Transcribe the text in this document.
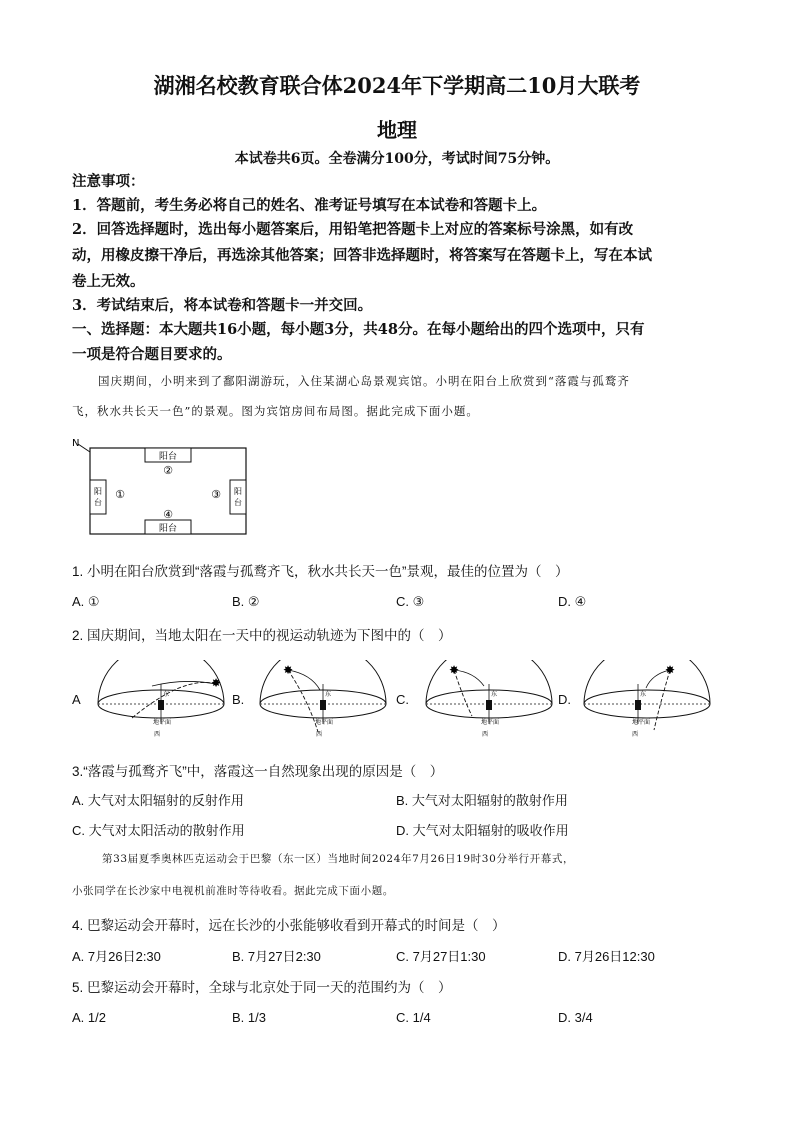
湖湘名校教育联合体2024年下学期高二10月大联考
地理
本试卷共6页。全卷满分100分，考试时间75分钟。
注意事项：
1．答题前，考生务必将自己的姓名、准考证号填写在本试卷和答题卡上。
2．回答选择题时，选出每小题答案后，用铅笔把答题卡上对应的答案标号涂黑，如有改
动，用橡皮擦干净后，再选涂其他答案；回答非选择题时，将答案写在答题卡上，写在本试
卷上无效。
3．考试结束后，将本试卷和答题卡一并交回。
一、选择题：本大题共16小题，每小题3分，共48分。在每小题给出的四个选项中，只有
一项是符合题目要求的。
国庆期间，小明来到了鄱阳湖游玩，入住某湖心岛景观宾馆。小明在阳台上欣赏到“落霞与孤鹜齐
飞，秋水共长天一色”的景观。图为宾馆房间布局图。据此完成下面小题。
N
阳台
②
阳台
④
阳
台
①	阳
台
③
1. 小明在阳台欣赏到“落霞与孤鹜齐飞，秋水共长天一色”景观，最佳的位置为（　）
A. ①	B. ②	C. ③	D. ④
2. 国庆期间，当地太阳在一天中的视运动轨迹为下图中的（　）
A	B.	C.	D.
✸
东
地平面
西
✸
东
地平面
西
✸
东
地平面
西
✸
东
地平面
西
3.“落霞与孤鹜齐飞”中，落霞这一自然现象出现的原因是（　）
A. 大气对太阳辐射的反射作用	B. 大气对太阳辐射的散射作用
C. 大气对太阳活动的散射作用	D. 大气对太阳辐射的吸收作用
第33届夏季奥林匹克运动会于巴黎（东一区）当地时间2024年7月26日19时30分举行开幕式，
小张同学在长沙家中电视机前准时等待收看。据此完成下面小题。
4. 巴黎运动会开幕时，远在长沙的小张能够收看到开幕式的时间是（　）
A. 7月26日2:30	B. 7月27日2:30	C. 7月27日1:30	D. 7月26日12:30
5. 巴黎运动会开幕时，全球与北京处于同一天的范围约为（　）
A. 1/2	B. 1/3	C. 1/4	D. 3/4
